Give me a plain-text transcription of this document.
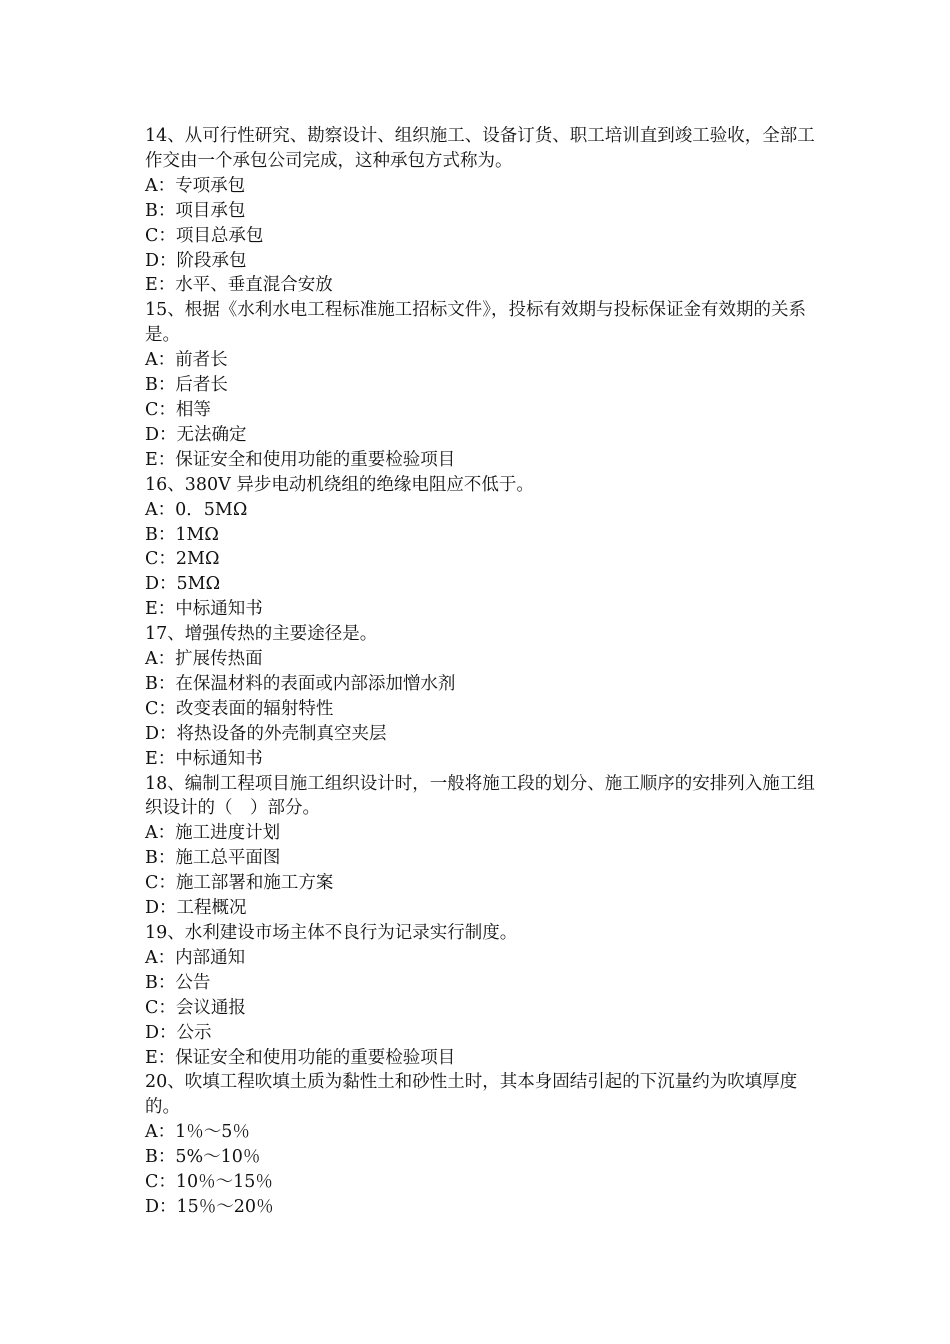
14、从可行性研究、勘察设计、组织施工、设备订货、职工培训直到竣工验收，全部工作交由一个承包公司完成，这种承包方式称为。
A：专项承包
B：项目承包
C：项目总承包
D：阶段承包
E：水平、垂直混合安放
15、根据《水利水电工程标准施工招标文件》，投标有效期与投标保证金有效期的关系是。
A：前者长
B：后者长
C：相等
D：无法确定
E：保证安全和使用功能的重要检验项目
16、380V 异步电动机绕组的绝缘电阻应不低于。
A：0．5MΩ
B：1MΩ
C：2MΩ
D：5MΩ
E：中标通知书
17、增强传热的主要途径是。
A：扩展传热面
B：在保温材料的表面或内部添加憎水剂
C：改变表面的辐射特性
D：将热设备的外壳制真空夹层
E：中标通知书
18、编制工程项目施工组织设计时，一般将施工段的划分、施工顺序的安排列入施工组织设计的（　）部分。
A：施工进度计划
B：施工总平面图
C：施工部署和施工方案
D：工程概况
19、水利建设市场主体不良行为记录实行制度。
A：内部通知
B：公告
C：会议通报
D：公示
E：保证安全和使用功能的重要检验项目
20、吹填工程吹填土质为黏性土和砂性土时，其本身固结引起的下沉量约为吹填厚度的。
A：1％～5％
B：5%～10％
C：10％～15％
D：15％～20％
